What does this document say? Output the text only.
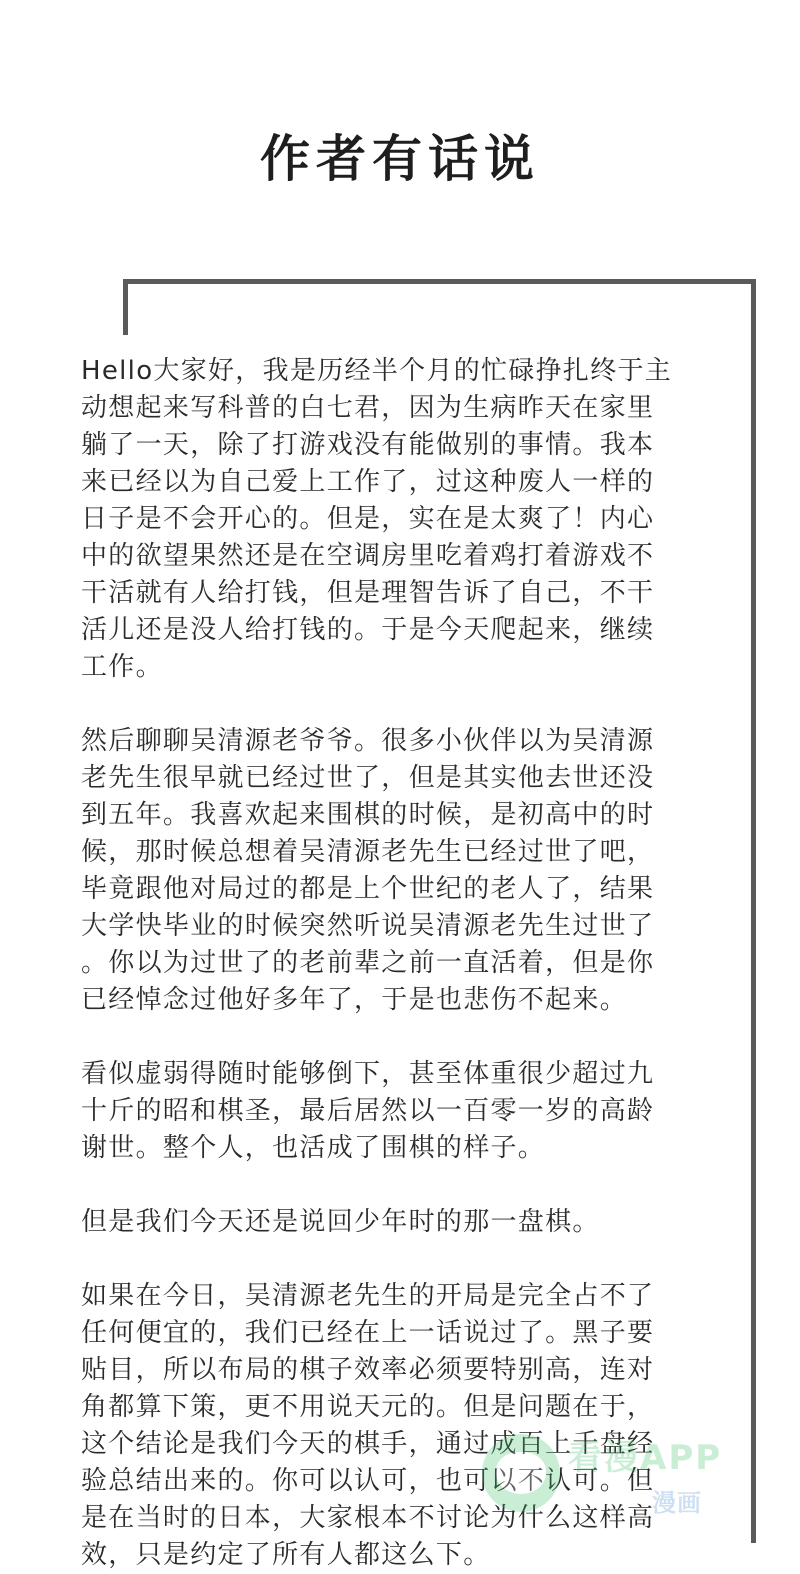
作者有话说
Hello大家好，我是历经半个月的忙碌挣扎终于主
动想起来写科普的白七君，因为生病昨天在家里
躺了一天，除了打游戏没有能做别的事情。我本
来已经以为自己爱上工作了，过这种废人一样的
日子是不会开心的。但是，实在是太爽了！内心
中的欲望果然还是在空调房里吃着鸡打着游戏不
干活就有人给打钱，但是理智告诉了自己，不干
活儿还是没人给打钱的。于是今天爬起来，继续
工作。
然后聊聊吴清源老爷爷。很多小伙伴以为吴清源
老先生很早就已经过世了，但是其实他去世还没
到五年。我喜欢起来围棋的时候，是初高中的时
候，那时候总想着吴清源老先生已经过世了吧，
毕竟跟他对局过的都是上个世纪的老人了，结果
大学快毕业的时候突然听说吴清源老先生过世了
。你以为过世了的老前辈之前一直活着，但是你
已经悼念过他好多年了，于是也悲伤不起来。
看似虚弱得随时能够倒下，甚至体重很少超过九
十斤的昭和棋圣，最后居然以一百零一岁的高龄
谢世。整个人，也活成了围棋的样子。
但是我们今天还是说回少年时的那一盘棋。
如果在今日，吴清源老先生的开局是完全占不了
任何便宜的，我们已经在上一话说过了。黑子要
贴目，所以布局的棋子效率必须要特别高，连对
角都算下策，更不用说天元的。但是问题在于，
这个结论是我们今天的棋手，通过成百上千盘经
验总结出来的。你可以认可，也可以不认可。但
是在当时的日本，大家根本不讨论为什么这样高
效，只是约定了所有人都这么下。
看漫APP
漫画
